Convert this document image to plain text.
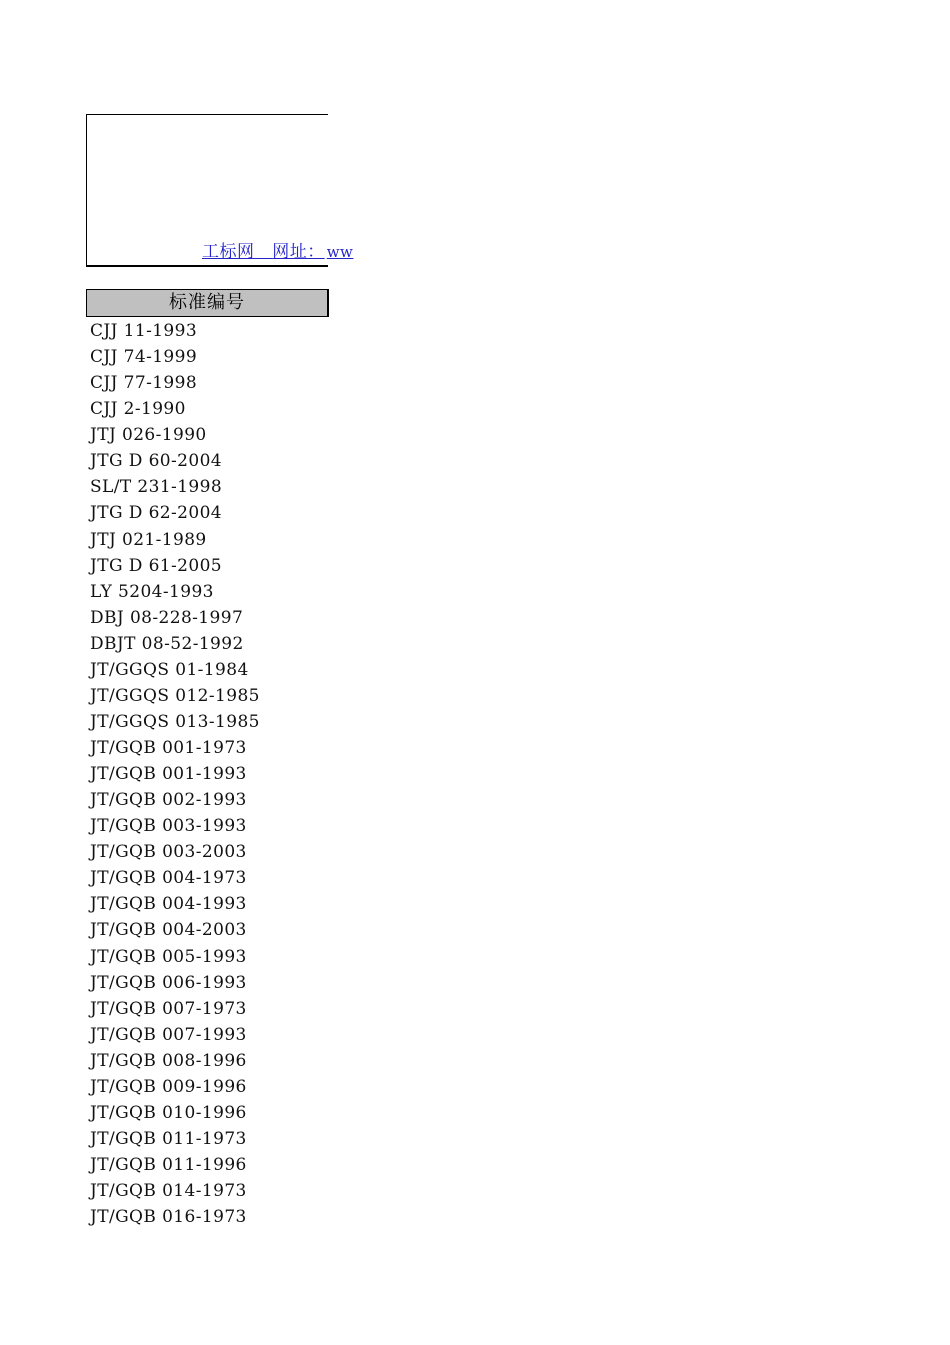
工标网 网址： ww
标准编号
CJJ 11-1993
CJJ 74-1999
CJJ 77-1998
CJJ 2-1990
JTJ 026-1990
JTG D 60-2004
SL/T 231-1998
JTG D 62-2004
JTJ 021-1989
JTG D 61-2005
LY 5204-1993
DBJ 08-228-1997
DBJT 08-52-1992
JT/GGQS 01-1984
JT/GGQS 012-1985
JT/GGQS 013-1985
JT/GQB 001-1973
JT/GQB 001-1993
JT/GQB 002-1993
JT/GQB 003-1993
JT/GQB 003-2003
JT/GQB 004-1973
JT/GQB 004-1993
JT/GQB 004-2003
JT/GQB 005-1993
JT/GQB 006-1993
JT/GQB 007-1973
JT/GQB 007-1993
JT/GQB 008-1996
JT/GQB 009-1996
JT/GQB 010-1996
JT/GQB 011-1973
JT/GQB 011-1996
JT/GQB 014-1973
JT/GQB 016-1973
